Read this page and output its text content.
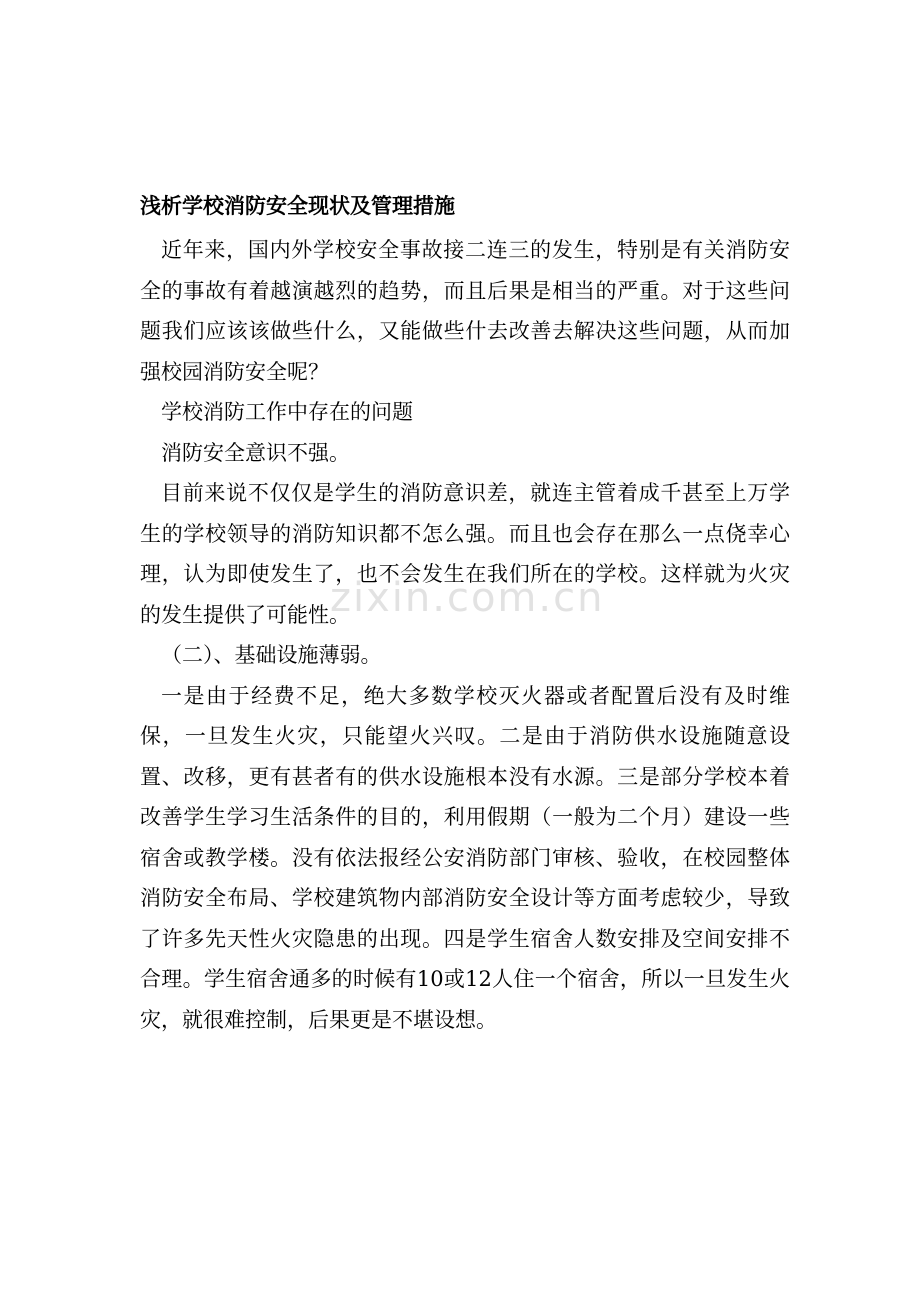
zixin.com.cn
浅析学校消防安全现状及管理措施

近年来，国内外学校安全事故接二连三的发生，特别是有关消防安全的事故有着越演越烈的趋势，而且后果是相当的严重。对于这些问题我们应该该做些什么，又能做些什去改善去解决这些问题，从而加强校园消防安全呢？

学校消防工作中存在的问题

消防安全意识不强。

目前来说不仅仅是学生的消防意识差，就连主管着成千甚至上万学生的学校领导的消防知识都不怎么强。而且也会存在那么一点侥幸心理，认为即使发生了，也不会发生在我们所在的学校。这样就为火灾的发生提供了可能性。

（二）、基础设施薄弱。

一是由于经费不足，绝大多数学校灭火器或者配置后没有及时维保，一旦发生火灾，只能望火兴叹。二是由于消防供水设施随意设置、改移，更有甚者有的供水设施根本没有水源。三是部分学校本着改善学生学习生活条件的目的，利用假期（一般为二个月）建设一些宿舍或教学楼。没有依法报经公安消防部门审核、验收，在校园整体消防安全布局、学校建筑物内部消防安全设计等方面考虑较少，导致了许多先天性火灾隐患的出现。四是学生宿舍人数安排及空间安排不合理。学生宿舍通多的时候有10或12人住一个宿舍，所以一旦发生火灾，就很难控制，后果更是不堪设想。
